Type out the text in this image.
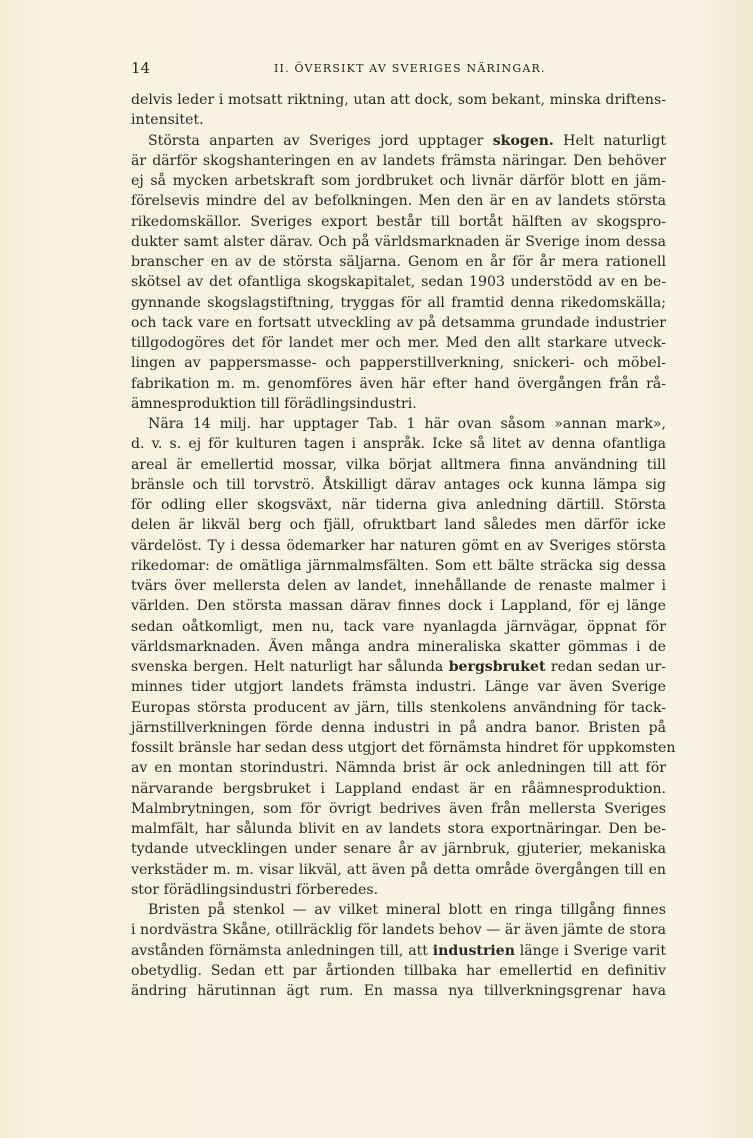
14	II. ÖVERSIKT AV SVERIGES NÄRINGAR.
delvis leder i motsatt riktning, utan att dock, som bekant, minska driftens-
intensitet.
Största anparten av Sveriges jord upptager skogen. Helt naturligt
är därför skogshanteringen en av landets främsta näringar. Den behöver
ej så mycken arbetskraft som jordbruket och livnär därför blott en jäm-
förelsevis mindre del av befolkningen. Men den är en av landets största
rikedomskällor. Sveriges export består till bortåt hälften av skogspro-
dukter samt alster därav. Och på världsmarknaden är Sverige inom dessa
branscher en av de största säljarna. Genom en år för år mera rationell
skötsel av det ofantliga skogskapitalet, sedan 1903 understödd av en be-
gynnande skogslagstiftning, tryggas för all framtid denna rikedomskälla;
och tack vare en fortsatt utveckling av på detsamma grundade industrier
tillgodogöres det för landet mer och mer. Med den allt starkare utveck-
lingen av pappersmasse- och papperstillverkning, snickeri- och möbel-
fabrikation m. m. genomföres även här efter hand övergången från rå-
ämnesproduktion till förädlingsindustri.
Nära 14 milj. har upptager Tab. 1 här ovan såsom »annan mark»,
d. v. s. ej för kulturen tagen i anspråk. Icke så litet av denna ofantliga
areal är emellertid mossar, vilka börjat alltmera finna användning till
bränsle och till torvströ. Åtskilligt därav antages ock kunna lämpa sig
för odling eller skogsväxt, när tiderna giva anledning därtill. Största
delen är likväl berg och fjäll, ofruktbart land således men därför icke
värdelöst. Ty i dessa ödemarker har naturen gömt en av Sveriges största
rikedomar: de omätliga järnmalmsfälten. Som ett bälte sträcka sig dessa
tvärs över mellersta delen av landet, innehållande de renaste malmer i
världen. Den största massan därav finnes dock i Lappland, för ej länge
sedan oåtkomligt, men nu, tack vare nyanlagda järnvägar, öppnat för
världsmarknaden. Även många andra mineraliska skatter gömmas i de
svenska bergen. Helt naturligt har sålunda bergsbruket redan sedan ur-
minnes tider utgjort landets främsta industri. Länge var även Sverige
Europas största producent av järn, tills stenkolens användning för tack-
järnstillverkningen förde denna industri in på andra banor. Bristen på
fossilt bränsle har sedan dess utgjort det förnämsta hindret för uppkomsten
av en montan storindustri. Nämnda brist är ock anledningen till att för
närvarande bergsbruket i Lappland endast är en råämnesproduktion.
Malmbrytningen, som för övrigt bedrives även från mellersta Sveriges
malmfält, har sålunda blivit en av landets stora exportnäringar. Den be-
tydande utvecklingen under senare år av järnbruk, gjuterier, mekaniska
verkstäder m. m. visar likväl, att även på detta område övergången till en
stor förädlingsindustri förberedes.
Bristen på stenkol — av vilket mineral blott en ringa tillgång finnes
i nordvästra Skåne, otillräcklig för landets behov — är även jämte de stora
avstånden förnämsta anledningen till, att industrien länge i Sverige varit
obetydlig. Sedan ett par årtionden tillbaka har emellertid en definitiv
ändring härutinnan ägt rum. En massa nya tillverkningsgrenar hava
